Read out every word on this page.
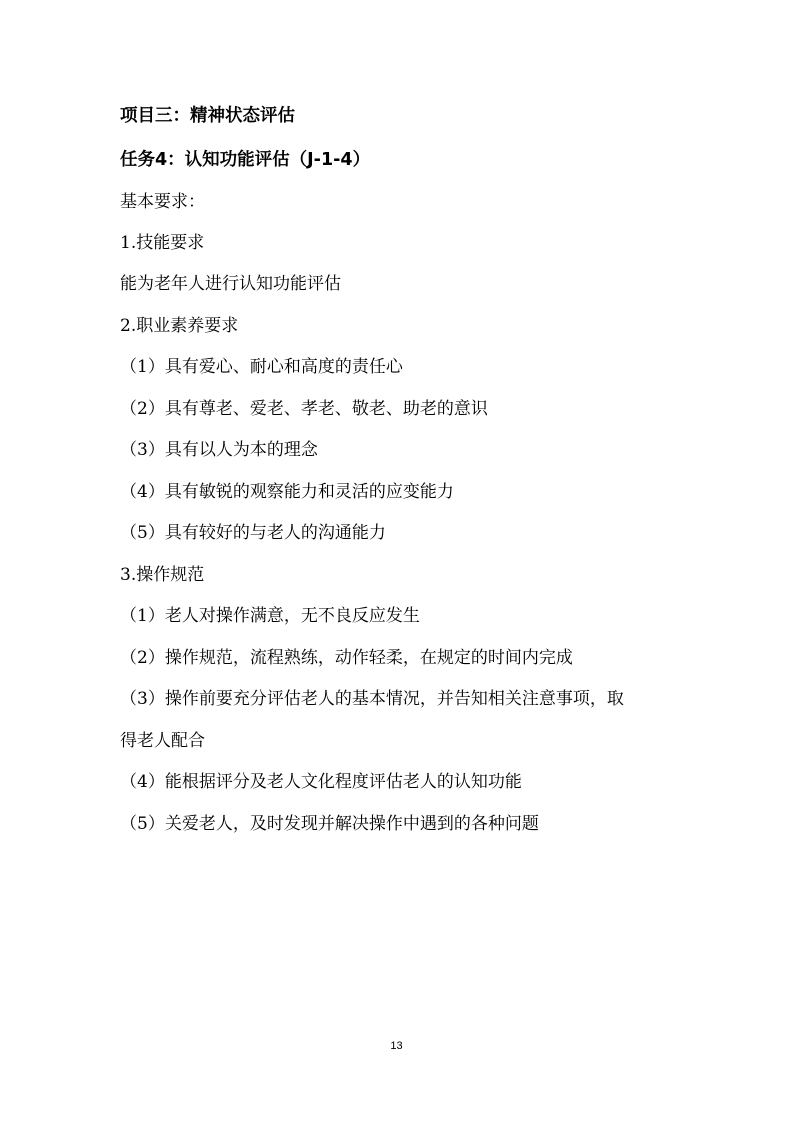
项目三：精神状态评估
任务4：认知功能评估（J-1-4）
基本要求：
1.技能要求
能为老年人进行认知功能评估
2.职业素养要求
（1）具有爱心、耐心和高度的责任心
（2）具有尊老、爱老、孝老、敬老、助老的意识
（3）具有以人为本的理念
（4）具有敏锐的观察能力和灵活的应变能力
（5）具有较好的与老人的沟通能力
3.操作规范
（1）老人对操作满意，无不良反应发生
（2）操作规范，流程熟练，动作轻柔，在规定的时间内完成
（3）操作前要充分评估老人的基本情况，并告知相关注意事项，取
得老人配合
（4）能根据评分及老人文化程度评估老人的认知功能
（5）关爱老人，及时发现并解决操作中遇到的各种问题
13
